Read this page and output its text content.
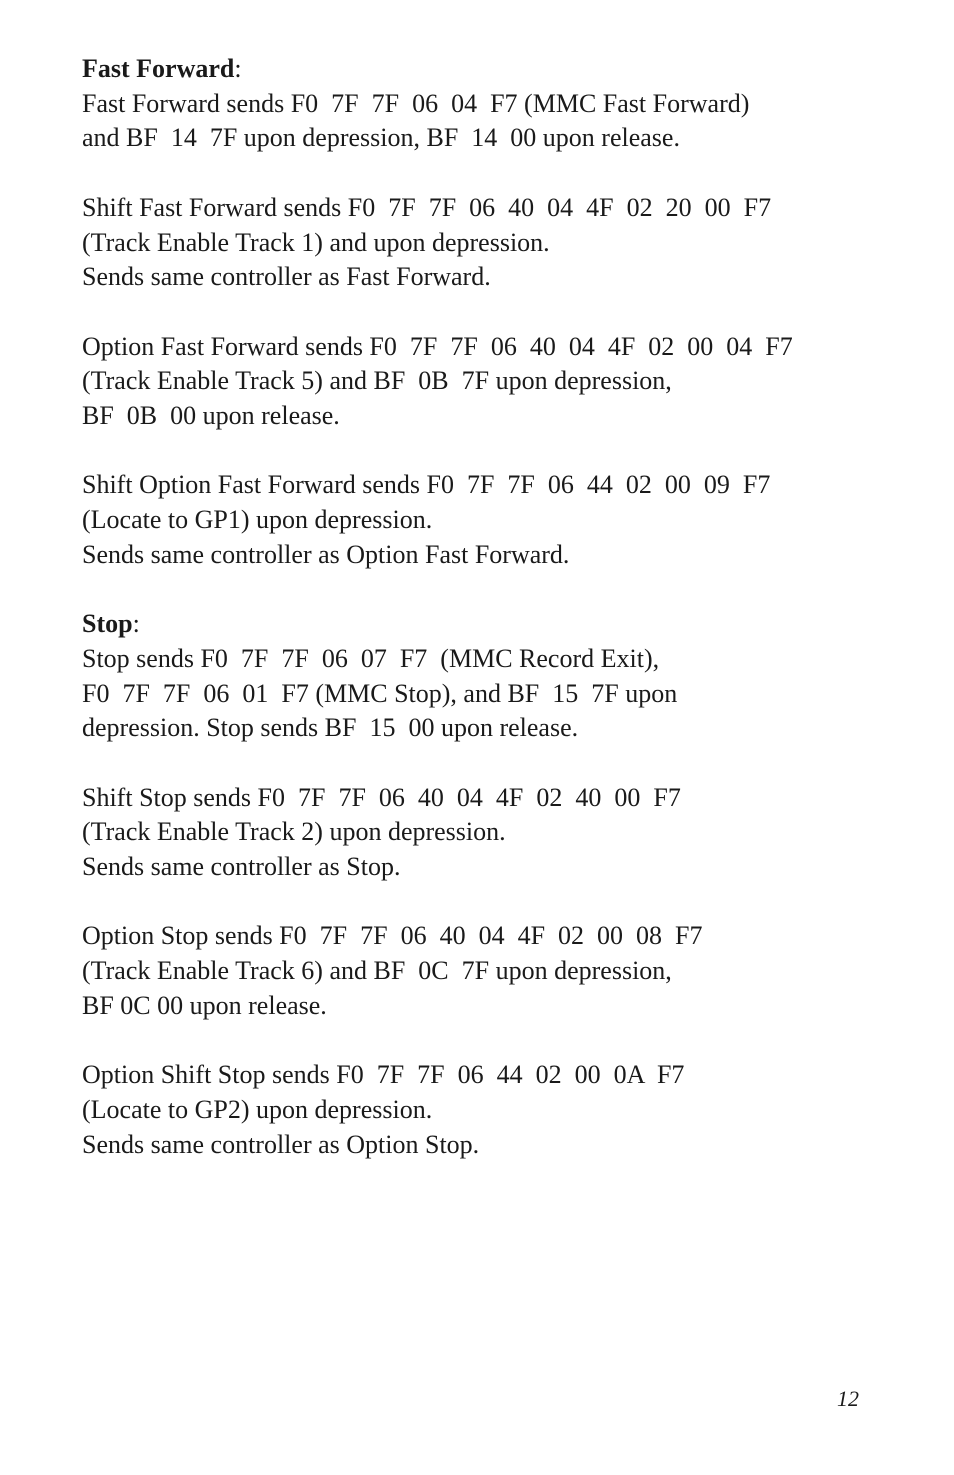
Fast Forward:

Fast Forward sends F0  7F  7F  06  04  F7 (MMC Fast Forward)
and BF  14  7F upon depression, BF  14  00 upon release.
Shift Fast Forward sends F0  7F  7F  06  40  04  4F  02  20  00  F7
(Track Enable Track 1) and upon depression.
Sends same controller as Fast Forward.
Option Fast Forward sends F0  7F  7F  06  40  04  4F  02  00  04  F7
(Track Enable Track 5) and BF  0B  7F upon depression,
BF  0B  00 upon release.
Shift Option Fast Forward sends F0  7F  7F  06  44  02  00  09  F7
(Locate to GP1) upon depression.
Sends same controller as Option Fast Forward.

Stop:

Stop sends F0  7F  7F  06  07  F7  (MMC Record Exit),
F0  7F  7F  06  01  F7 (MMC Stop), and BF  15  7F upon
depression. Stop sends BF  15  00 upon release.
Shift Stop sends F0  7F  7F  06  40  04  4F  02  40  00  F7
(Track Enable Track 2) upon depression.
Sends same controller as Stop.
Option Stop sends F0  7F  7F  06  40  04  4F  02  00  08  F7
(Track Enable Track 6) and BF  0C  7F upon depression,
BF 0C 00 upon release.
Option Shift Stop sends F0  7F  7F  06  44  02  00  0A  F7
(Locate to GP2) upon depression.
Sends same controller as Option Stop.
12
